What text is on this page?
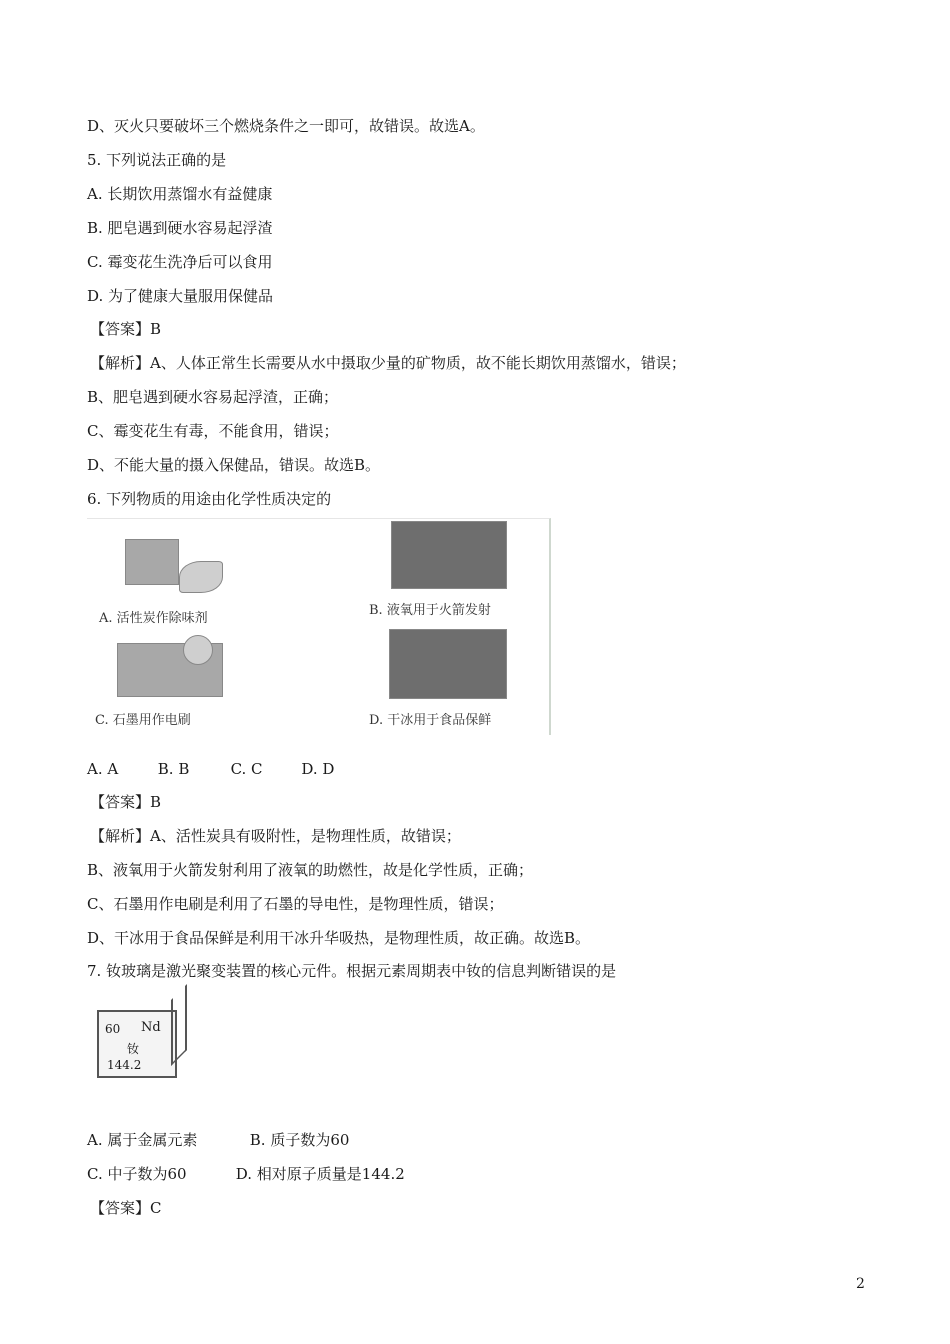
D、灭火只要破坏三个燃烧条件之一即可，故错误。故选A。
5. 下列说法正确的是
A. 长期饮用蒸馏水有益健康
B. 肥皂遇到硬水容易起浮渣
C. 霉变花生洗净后可以食用
D. 为了健康大量服用保健品
【答案】B
【解析】A、人体正常生长需要从水中摄取少量的矿物质，故不能长期饮用蒸馏水，错误；
B、肥皂遇到硬水容易起浮渣，正确；
C、霉变花生有毒，不能食用，错误；
D、不能大量的摄入保健品，错误。故选B。
6. 下列物质的用途由化学性质决定的
A. 活性炭作除味剂
B. 液氧用于火箭发射
C. 石墨用作电刷	D. 干冰用于食品保鲜
A. A	B. B	C. C	D. D
【答案】B
【解析】A、活性炭具有吸附性，是物理性质，故错误；
B、液氧用于火箭发射利用了液氧的助燃性，故是化学性质，正确；
C、石墨用作电刷是利用了石墨的导电性，是物理性质，错误；
D、干冰用于食品保鲜是利用干冰升华吸热，是物理性质，故正确。故选B。
7. 钕玻璃是激光聚变装置的核心元件。根据元素周期表中钕的信息判断错误的是
60 Nd
钕
144.2
A. 属于金属元素	B. 质子数为60
C. 中子数为60	D. 相对原子质量是144.2
【答案】C
2
